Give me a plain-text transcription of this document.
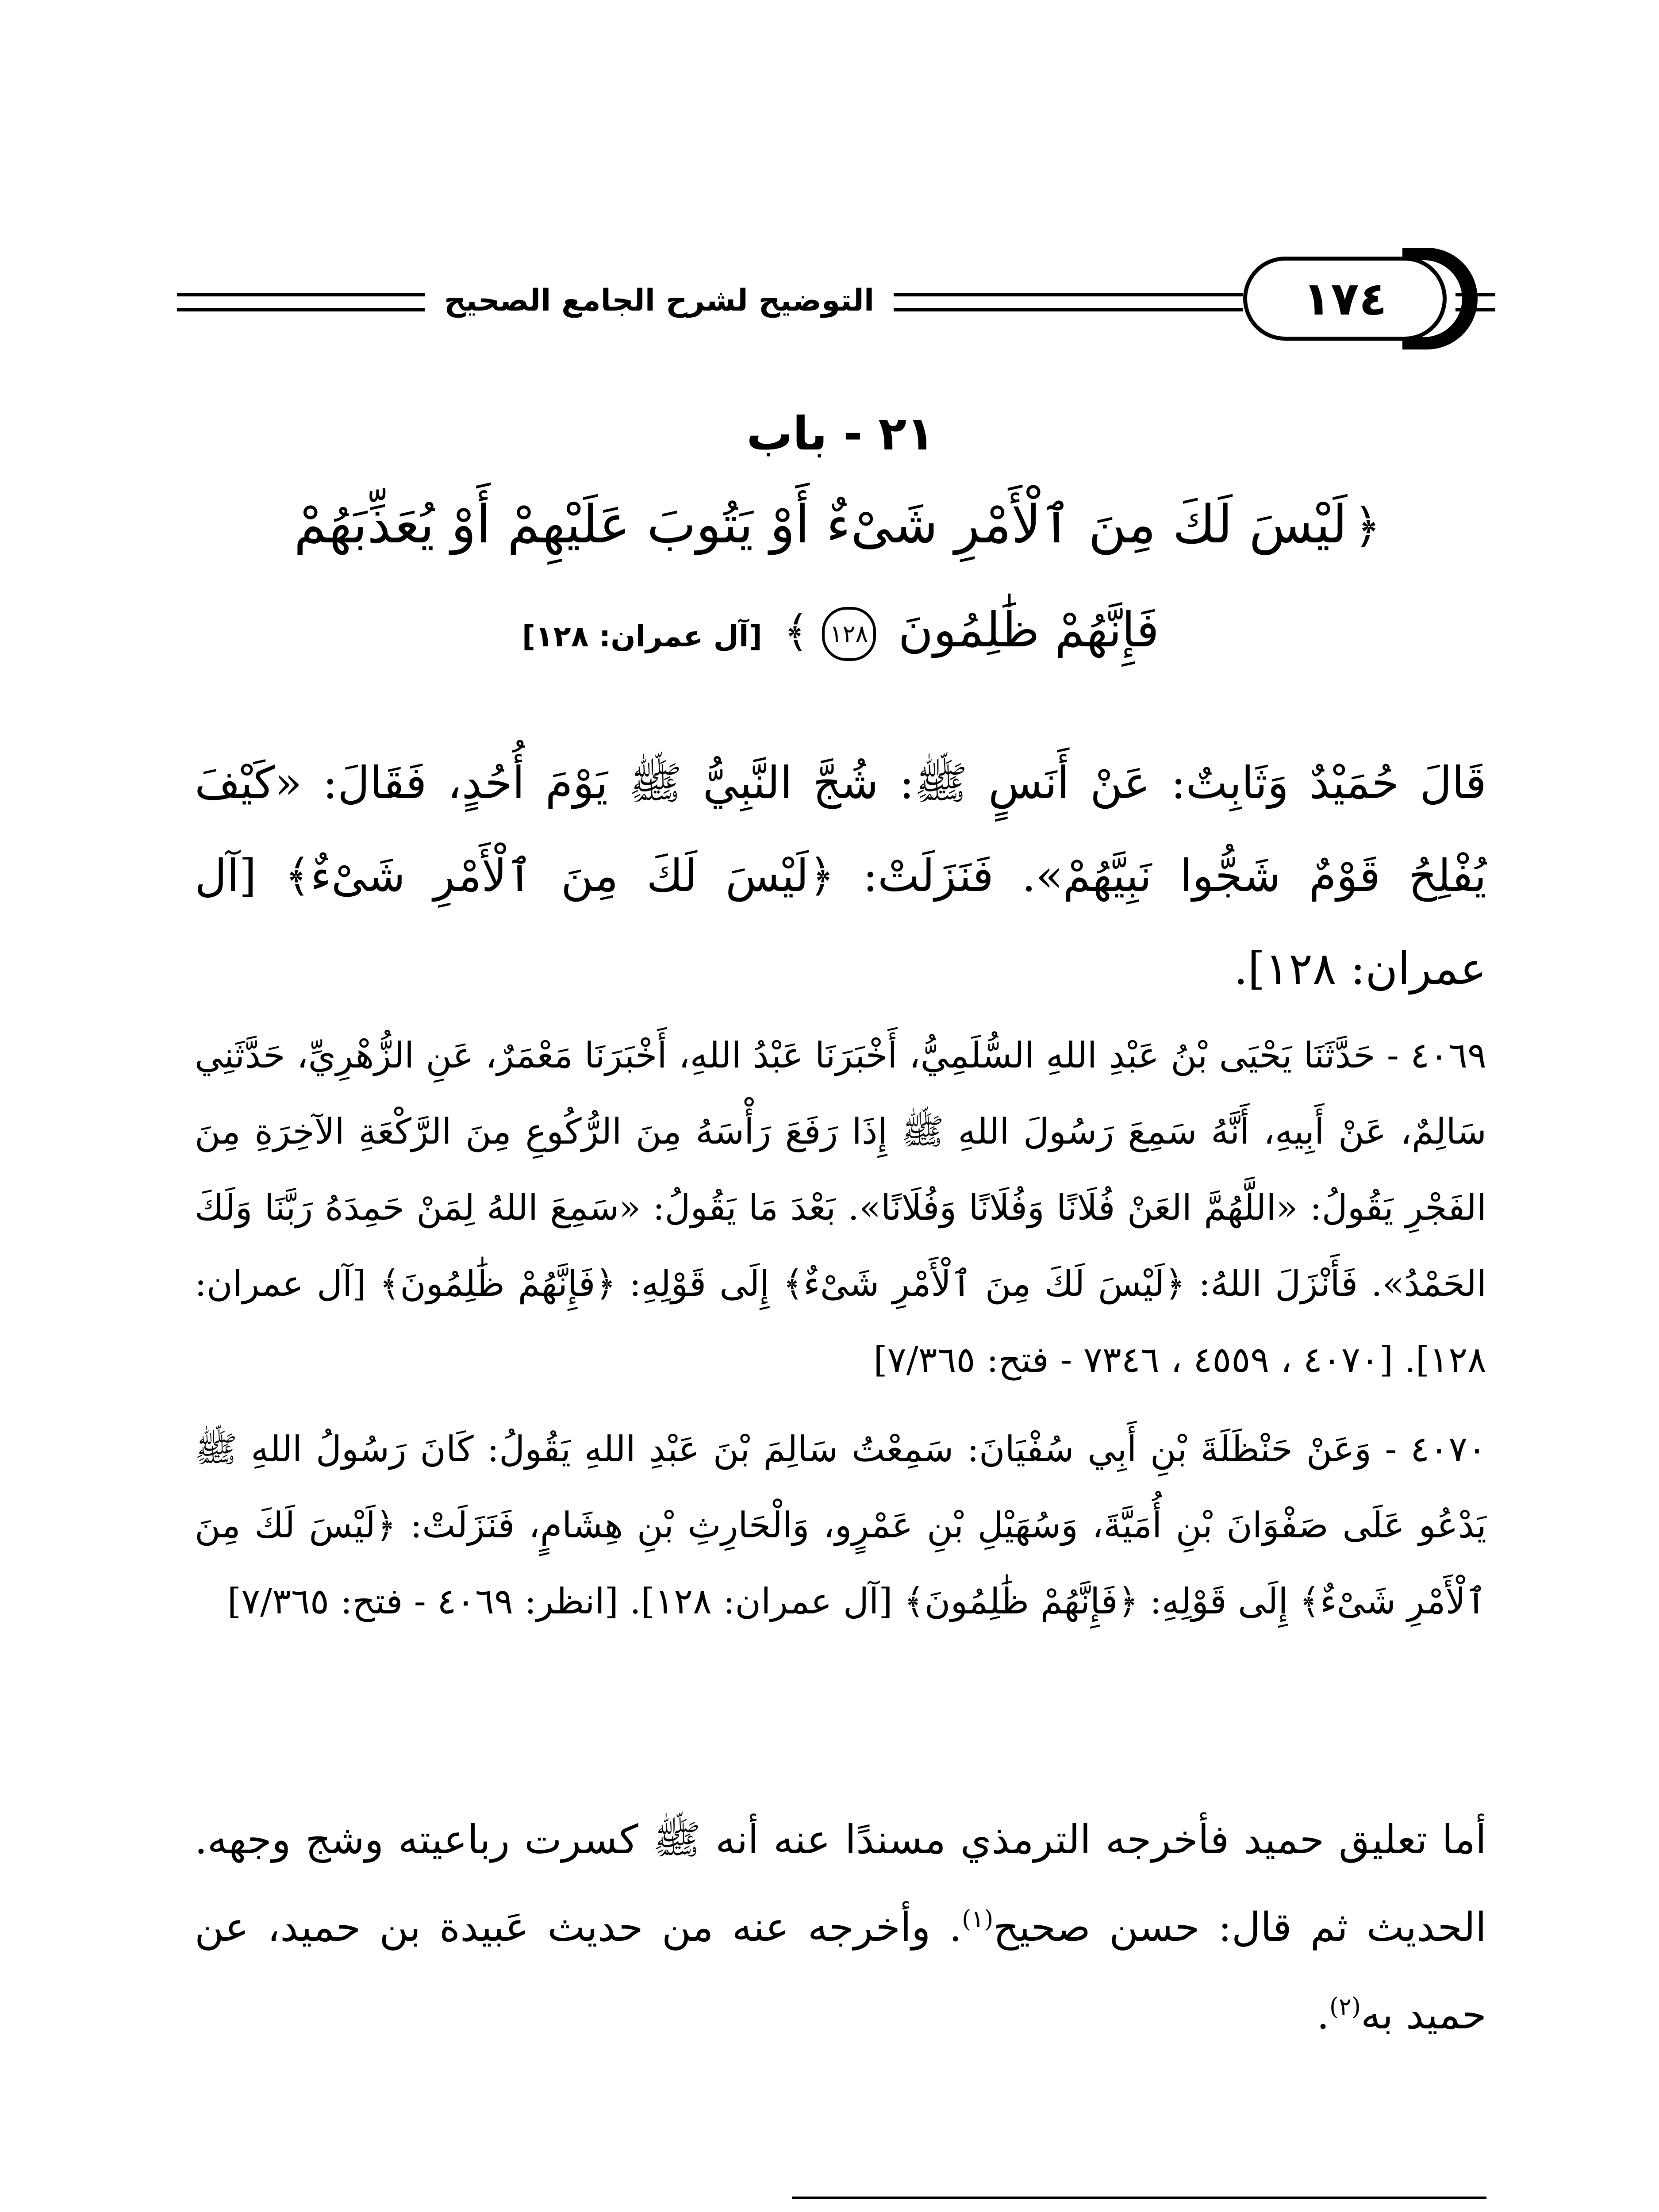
التوضيح لشرح الجامع الصحيح	١٧٤
٢١ - باب
﴿لَيْسَ لَكَ مِنَ ٱلْأَمْرِ شَىْءٌ أَوْ يَتُوبَ عَلَيْهِمْ أَوْ يُعَذِّبَهُمْ
فَإِنَّهُمْ ظَٰلِمُونَ ١٢٨﴾ [آل عمران: ١٢٨]
قَالَ حُمَيْدٌ وَثَابِتٌ: عَنْ أَنَسٍ ﷺ: شُجَّ النَّبِيُّ ﷺ يَوْمَ أُحُدٍ، فَقَالَ: «كَيْفَ يُفْلِحُ قَوْمٌ شَجُّوا نَبِيَّهُمْ». فَنَزَلَتْ: ﴿لَيْسَ لَكَ مِنَ ٱلْأَمْرِ شَىْءٌ﴾ [آل عمران: ١٢٨].
٤٠٦٩ - حَدَّثَنَا يَحْيَى بْنُ عَبْدِ اللهِ السُّلَمِيُّ، أَخْبَرَنَا عَبْدُ اللهِ، أَخْبَرَنَا مَعْمَرٌ، عَنِ الزُّهْرِيِّ، حَدَّثَنِي سَالِمٌ، عَنْ أَبِيهِ، أَنَّهُ سَمِعَ رَسُولَ اللهِ ﷺ إِذَا رَفَعَ رَأْسَهُ مِنَ الرُّكُوعِ مِنَ الرَّكْعَةِ الآخِرَةِ مِنَ الفَجْرِ يَقُولُ: «اللَّهُمَّ العَنْ فُلَانًا وَفُلَانًا وَفُلَانًا». بَعْدَ مَا يَقُولُ: «سَمِعَ اللهُ لِمَنْ حَمِدَهُ رَبَّنَا وَلَكَ الحَمْدُ». فَأَنْزَلَ اللهُ: ﴿لَيْسَ لَكَ مِنَ ٱلْأَمْرِ شَىْءٌ﴾ إِلَى قَوْلِهِ: ﴿فَإِنَّهُمْ ظَٰلِمُونَ﴾ [آل عمران: ١٢٨]. [٤٠٧٠ ، ٤٥٥٩ ، ٧٣٤٦ - فتح: ٧/٣٦٥]
٤٠٧٠ - وَعَنْ حَنْظَلَةَ بْنِ أَبِي سُفْيَانَ: سَمِعْتُ سَالِمَ بْنَ عَبْدِ اللهِ يَقُولُ: كَانَ رَسُولُ اللهِ ﷺ يَدْعُو عَلَى صَفْوَانَ بْنِ أُمَيَّةَ، وَسُهَيْلِ بْنِ عَمْرٍو، وَالْحَارِثِ بْنِ هِشَامٍ، فَنَزَلَتْ: ﴿لَيْسَ لَكَ مِنَ ٱلْأَمْرِ شَىْءٌ﴾ إِلَى قَوْلِهِ: ﴿فَإِنَّهُمْ ظَٰلِمُونَ﴾ [آل عمران: ١٢٨]. [انظر: ٤٠٦٩ - فتح: ٧/٣٦٥]
أما تعليق حميد فأخرجه الترمذي مسندًا عنه أنه ﷺ كسرت رباعيته وشج وجهه. الحديث ثم قال: حسن صحيح$^{(١)}$. وأخرجه عنه من حديث عَبيدة بن حميد، عن حميد به$^{(٢)}$.
